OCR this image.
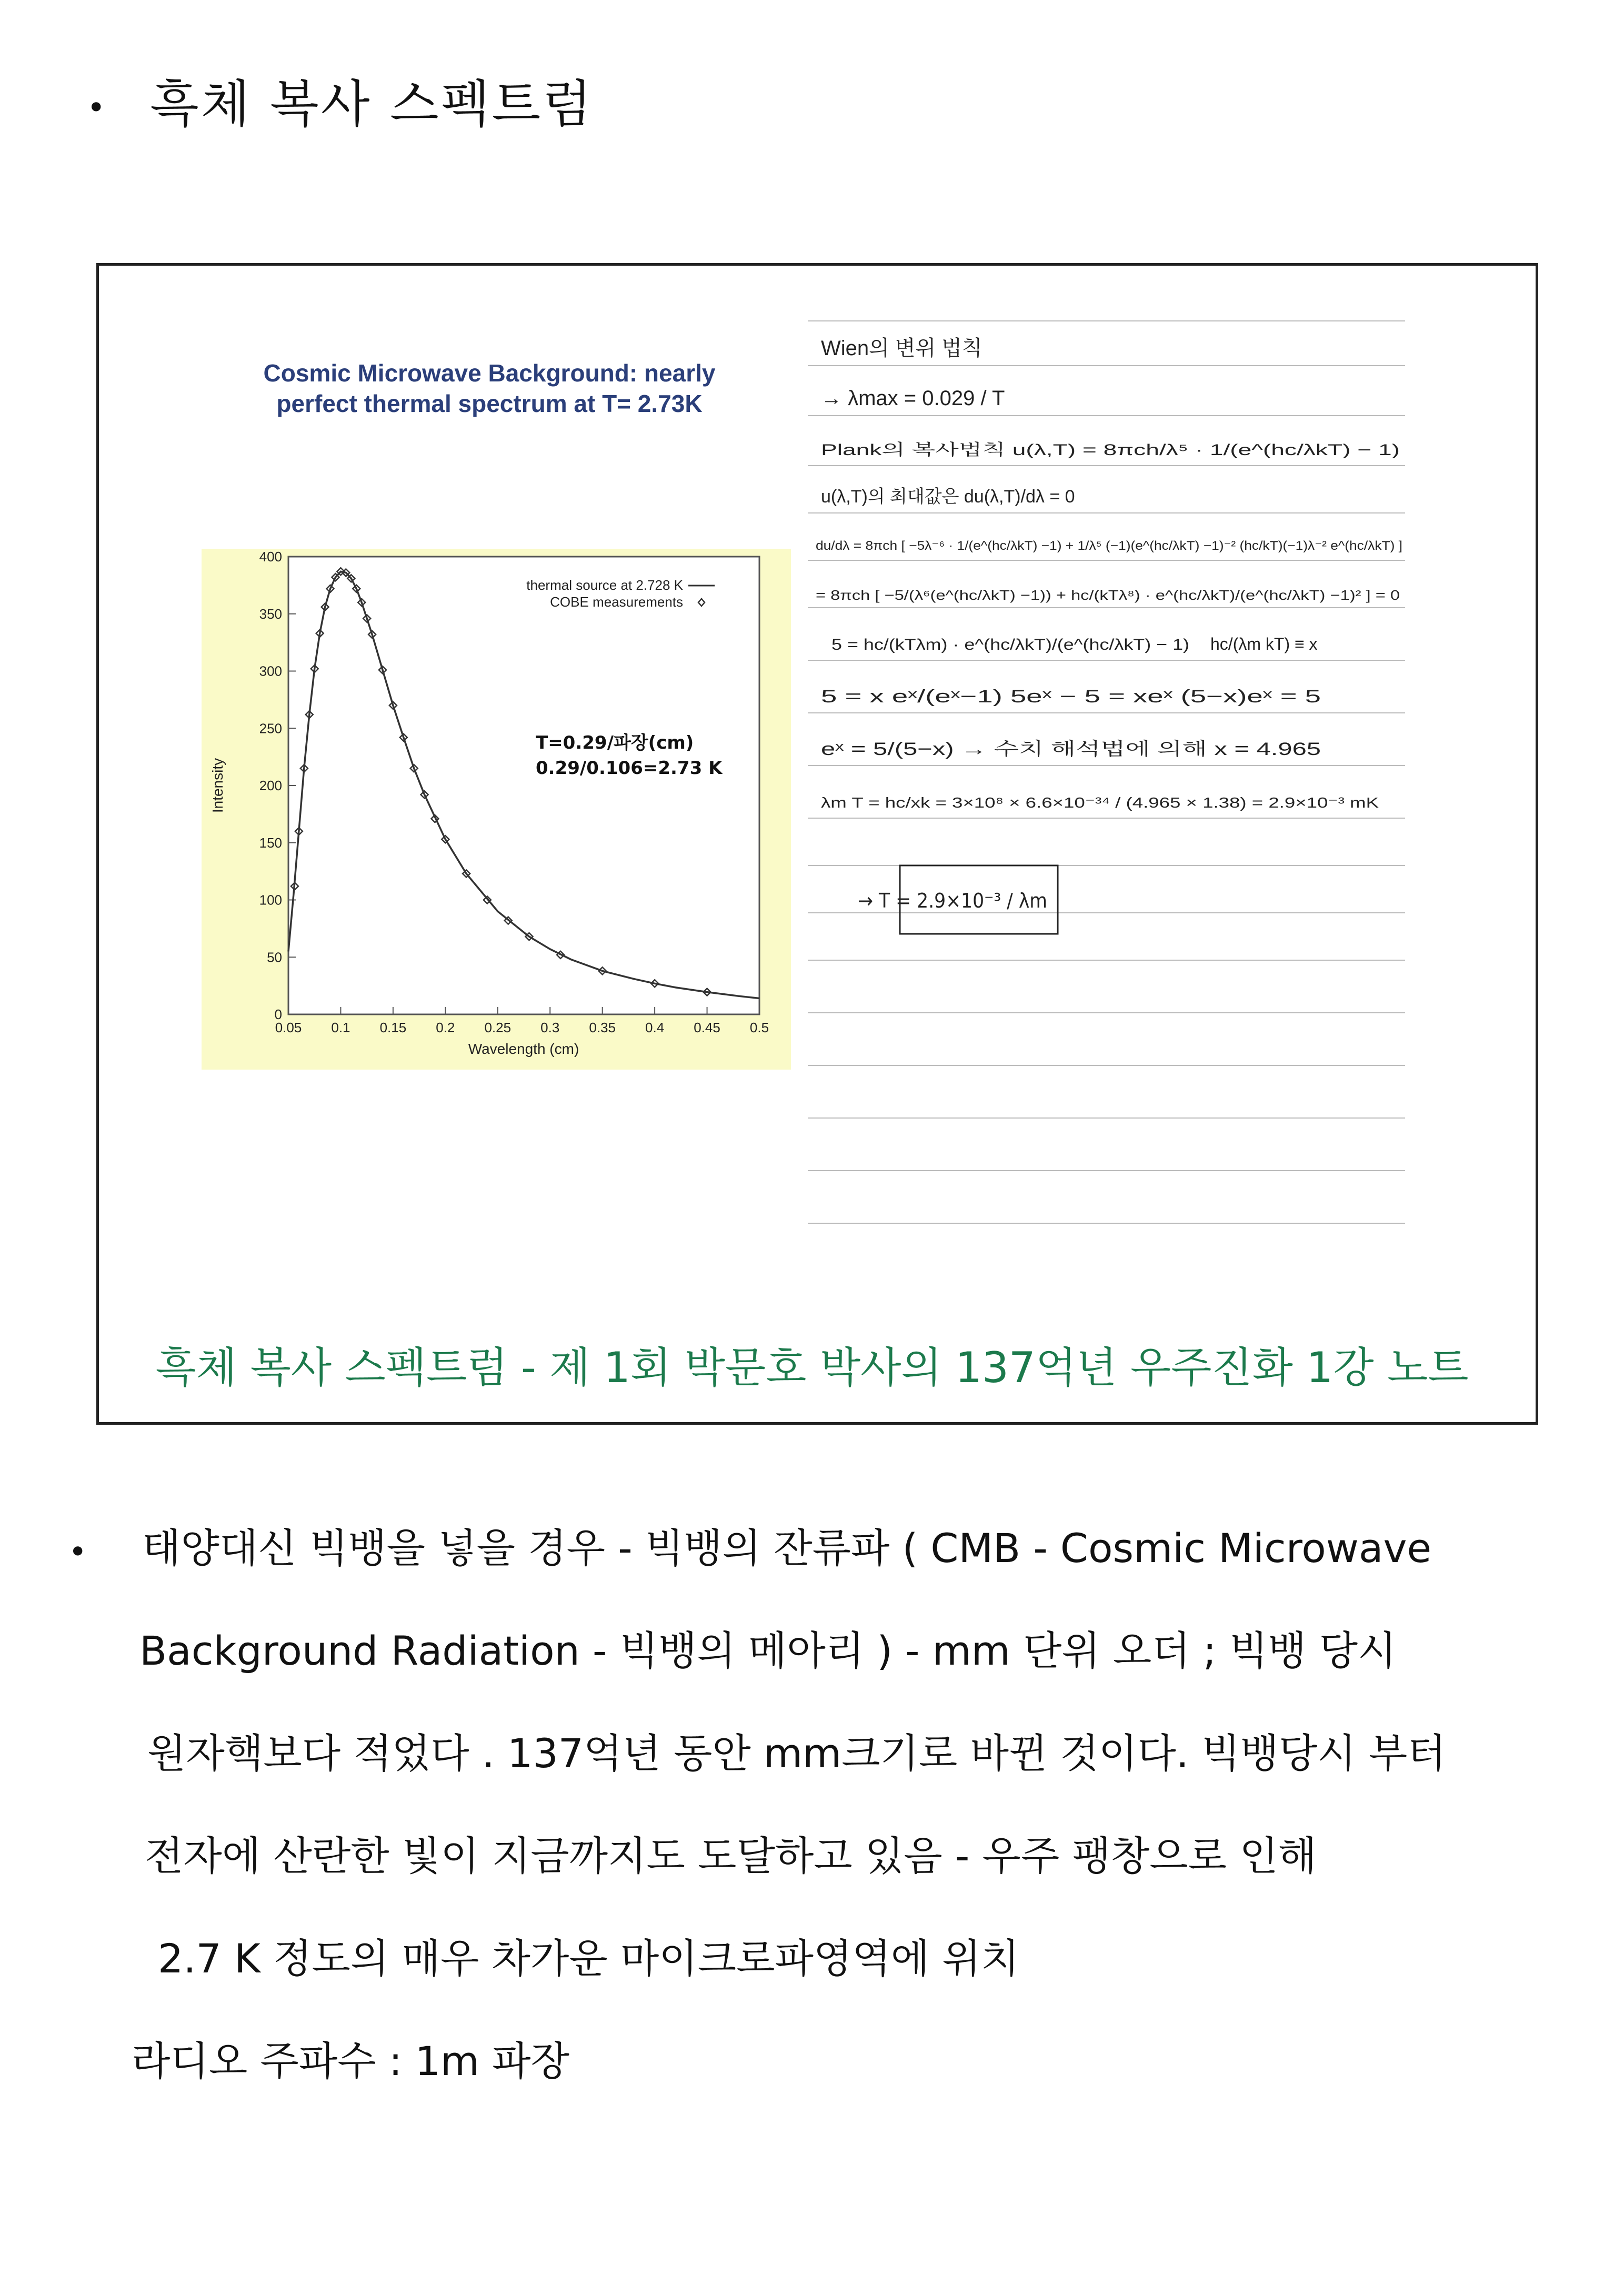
• 흑체 복사 스펙트럼
Cosmic Microwave Background: nearly
perfect thermal spectrum at T= 2.73K
0.05 0.1 0.15 0.2 0.25 0.3 0.35 0.4 0.45 0.5
0
50
100
150
200
250
300
350
400
Wavelength (cm)
Intensity
thermal source at 2.728 K
COBE measurements
T=0.29/파장(cm)
0.29/0.106=2.73 K
Wien의 변위 법칙
→ λmax = 0.029 / T
Plank의 복사법칙 u(λ,T) = 8πch/λ⁵ · 1/(e^(hc/λkT) − 1)
u(λ,T)의 최대값은 du(λ,T)/dλ = 0
du/dλ = 8πch [ −5λ⁻⁶ · 1/(e^(hc/λkT) −1) + 1/λ⁵ (−1)(e^(hc/λkT) −1)⁻² (hc/kT)(−1)λ⁻² e^(hc/λkT) ]
= 8πch [ −5/(λ⁶(e^(hc/λkT) −1)) + hc/(kTλ⁸) · e^(hc/λkT)/(e^(hc/λkT) −1)² ] = 0
5 = hc/(kTλm) · e^(hc/λkT)/(e^(hc/λkT) − 1) hc/(λm kT) ≡ x
5 = x eˣ/(eˣ−1) 5eˣ − 5 = xeˣ (5−x)eˣ = 5
eˣ = 5/(5−x) → 수치 해석법에 의해 x = 4.965
λm T = hc/xk = 3×10⁸ × 6.6×10⁻³⁴ / (4.965 × 1.38) = 2.9×10⁻³ mK
→ T = 2.9×10⁻³ / λm
흑체 복사 스펙트럼 - 제 1회 박문호 박사의 137억년 우주진화 1강 노트
• 태양대신 빅뱅을 넣을 경우 - 빅뱅의 잔류파 ( CMB - Cosmic Microwave
Background Radiation - 빅뱅의 메아리 ) - mm 단위 오더 ; 빅뱅 당시
원자핵보다 적었다 . 137억년 동안 mm크기로 바뀐 것이다. 빅뱅당시 부터
전자에 산란한 빛이 지금까지도 도달하고 있음 - 우주 팽창으로 인해
2.7 K 정도의 매우 차가운 마이크로파영역에 위치
라디오 주파수 : 1m 파장
